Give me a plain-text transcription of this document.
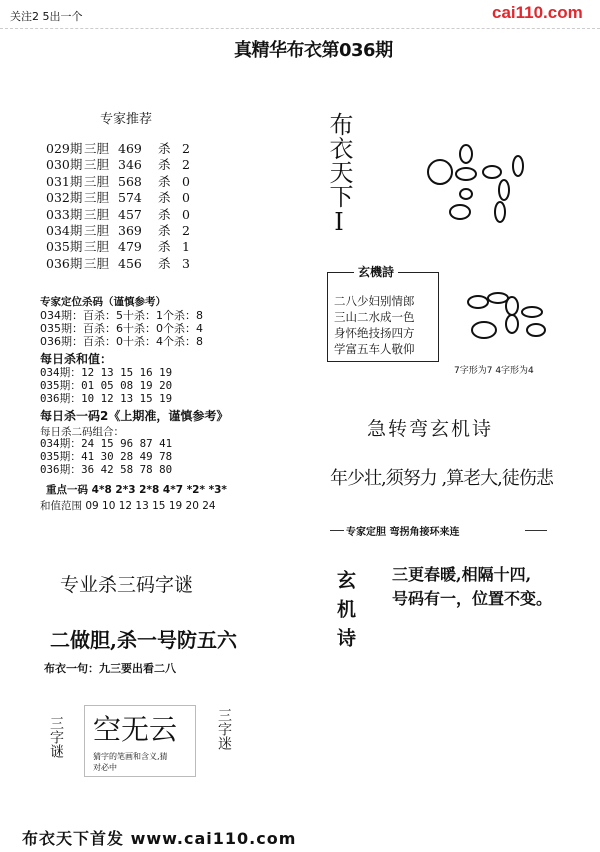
关注2 5出一个	cai110.com
真精华布衣第036期
专家推荐
029期 三胆 469 杀 2
030期 三胆 346 杀 2
031期 三胆 568 杀 0
032期 三胆 574 杀 0
033期 三胆 457 杀 0
034期 三胆 369 杀 2
035期 三胆 479 杀 1
036期 三胆 456 杀 3
专家定位杀码（谨慎参考）
034期：百杀：5十杀：1个杀：8
035期：百杀：6十杀：0个杀：4
036期：百杀：0十杀：4个杀：8
每日杀和值：
034期：12 13 15 16 19
035期：01 05 08 19 20
036期：10 12 13 15 19
每日杀一码2《上期准，谨慎参考》
每日杀二码组合：
034期：24 15 96 87 41
035期：41 30 28 49 78
036期：36 42 58 78 80
重点一码 4*8 2*3 2*8 4*7 *2* *3*
和值范围 09 10 12 13 15 19 20 24
专业杀三码字谜
二做胆,杀一号防五六
布衣一句：九三要出看二八
三字谜 空无云
猜字的笔画和含义,猜
对必中
三字迷
布衣天下I
玄機詩
二八少妇别情郎
三山二水成一色
身怀绝技扬四方
学富五车人敬仰
7字形为7 4字形为4
急转弯玄机诗
年少壮,须努力 ,算老大,徒伤悲
专家定胆 弯拐角接环来连
玄机诗 三更春暖,相隔十四,
号码有一，位置不变。
布衣天下首发 www.cai110.com
